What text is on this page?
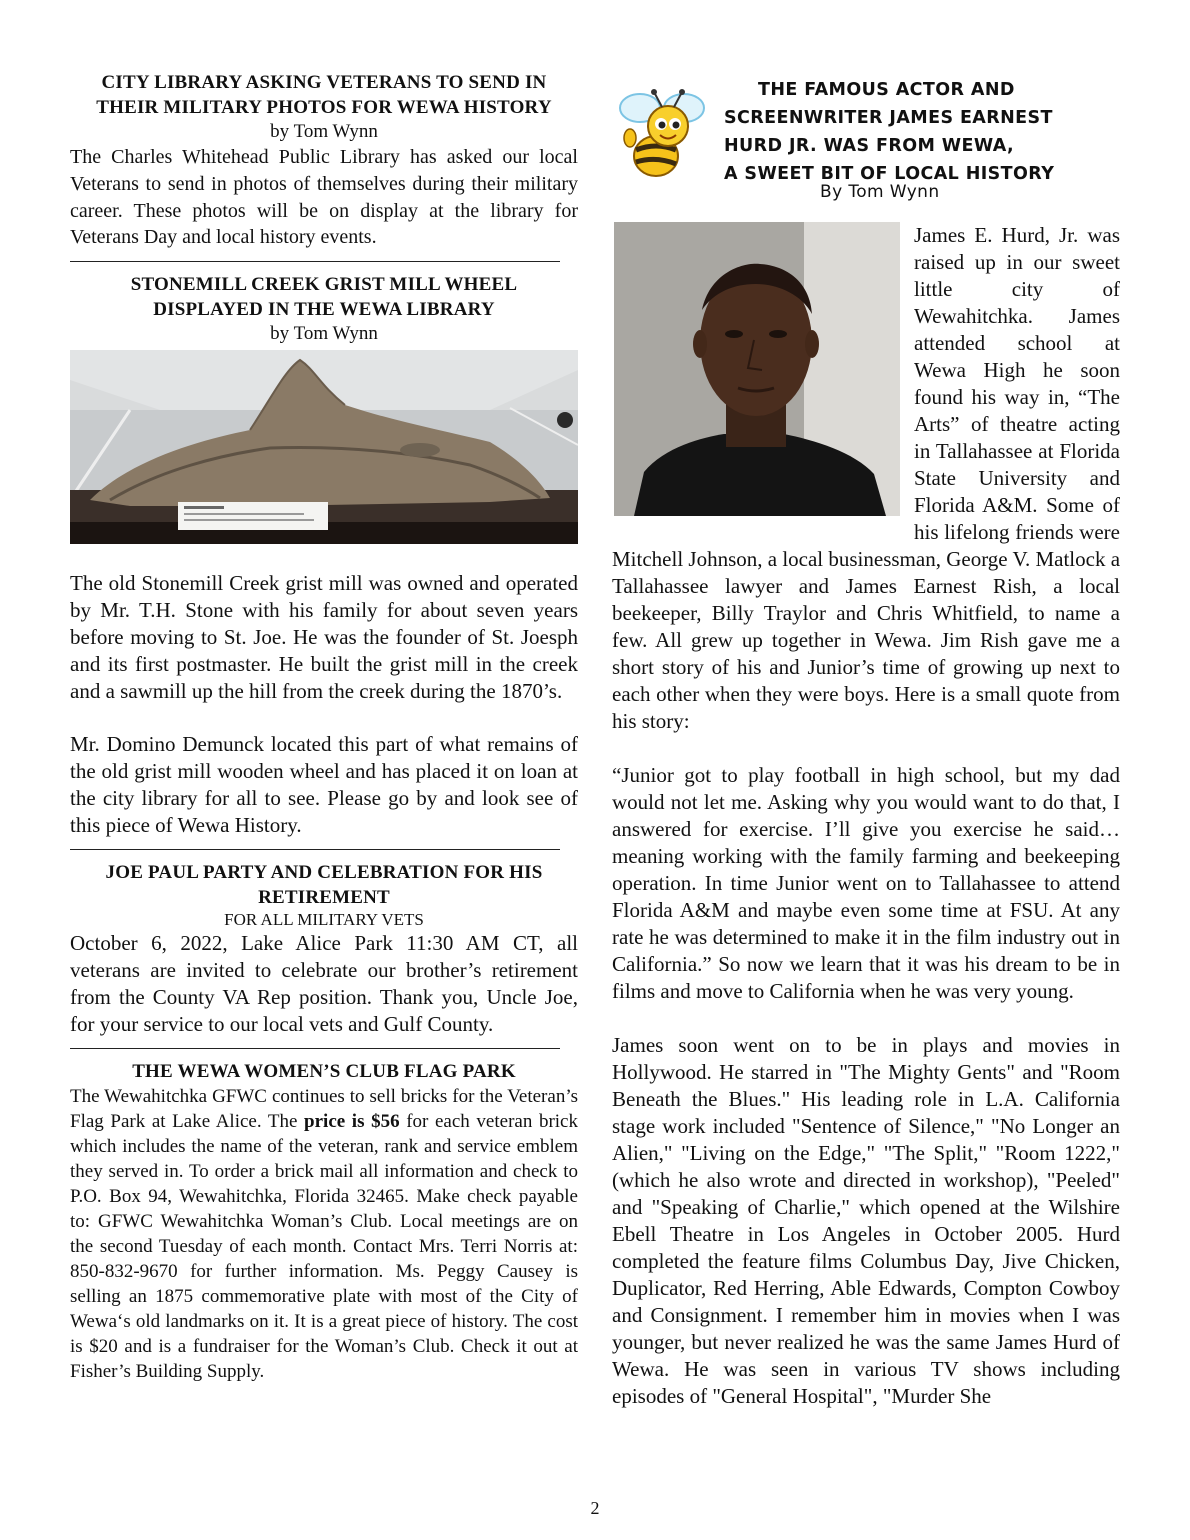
CITY LIBRARY ASKING VETERANS TO SEND IN

THEIR MILITARY PHOTOS FOR WEWA HISTORY

by Tom Wynn

The Charles Whitehead Public Library has asked our local Veterans to send in photos of themselves during their military career. These photos will be on display at the library for Veterans Day and local history events.

STONEMILL CREEK GRIST MILL WHEEL

DISPLAYED IN THE WEWA LIBRARY

by Tom Wynn

The old Stonemill Creek grist mill was owned and operated by Mr. T.H. Stone with his family for about seven years before moving to St. Joe. He was the founder of St. Joesph and its first postmaster. He built the grist mill in the creek and a sawmill up the hill from the creek during the 1870’s.

Mr. Domino Demunck located this part of what remains of the old grist mill wooden wheel and has placed it on loan at the city library for all to see. Please go by and look see of this piece of Wewa History.

JOE PAUL PARTY AND CELEBRATION FOR HIS

RETIREMENT

FOR ALL MILITARY VETS

October 6, 2022, Lake Alice Park 11:30 AM CT, all veterans are invited to celebrate our brother’s retirement from the County VA Rep position. Thank you, Uncle Joe, for your service to our local vets and Gulf County.

THE WEWA WOMEN’S CLUB FLAG PARK

The Wewahitchka GFWC continues to sell bricks for the Veteran’s Flag Park at Lake Alice. The price is $56 for each veteran brick which includes the name of the veteran, rank and service emblem they served in. To order a brick mail all information and check to P.O. Box 94, Wewahitchka, Florida 32465. Make check payable to: GFWC Wewahitchka Woman’s Club. Local meetings are on the second Tuesday of each month. Contact Mrs. Terri Norris at: 850-832-9670 for further information. Ms. Peggy Causey is selling an 1875 commemorative plate with most of the City of Wewa‘s old landmarks on it. It is a great piece of history. The cost is $20 and is a fundraiser for the Woman’s Club. Check it out at Fisher’s Building Supply.

THE FAMOUS ACTOR AND
SCREENWRITER JAMES EARNEST
HURD JR. WAS FROM WEWA,
A SWEET BIT OF LOCAL HISTORY

By Tom Wynn

James E. Hurd, Jr. was raised up in our sweet little city of Wewahitchka. James attended school at Wewa High he soon found his way in, “The Arts” of theatre acting in Tallahassee at Florida State University and Florida A&M. Some of his lifelong friends were Mitchell Johnson, a local businessman, George V. Matlock a Tallahassee lawyer and James Earnest Rish, a local beekeeper, Billy Traylor and Chris Whitfield, to name a few. All grew up together in Wewa. Jim Rish gave me a short story of his and Junior’s time of growing up next to each other when they were boys. Here is a small quote from his story:

“Junior got to play football in high school, but my dad would not let me. Asking why you would want to do that, I answered for exercise. I’ll give you exercise he said…meaning working with the family farming and beekeeping operation. In time Junior went on to Tallahassee to attend Florida A&M and maybe even some time at FSU. At any rate he was determined to make it in the film industry out in California.” So now we learn that it was his dream to be in films and move to California when he was very young.

James soon went on to be in plays and movies in Hollywood. He starred in "The Mighty Gents" and "Room Beneath the Blues." His leading role in L.A. California stage work included "Sentence of Silence," "No Longer an Alien," "Living on the Edge," "The Split," "Room 1222," (which he also wrote and directed in workshop), "Peeled" and "Speaking of Charlie," which opened at the Wilshire Ebell Theatre in Los Angeles in October 2005. Hurd completed the feature films Columbus Day, Jive Chicken, Duplicator, Red Herring, Able Edwards, Compton Cowboy and Consignment. I remember him in movies when I was younger, but never realized he was the same James Hurd of Wewa. He was seen in various TV shows including episodes of "General Hospital", "Murder She

2
